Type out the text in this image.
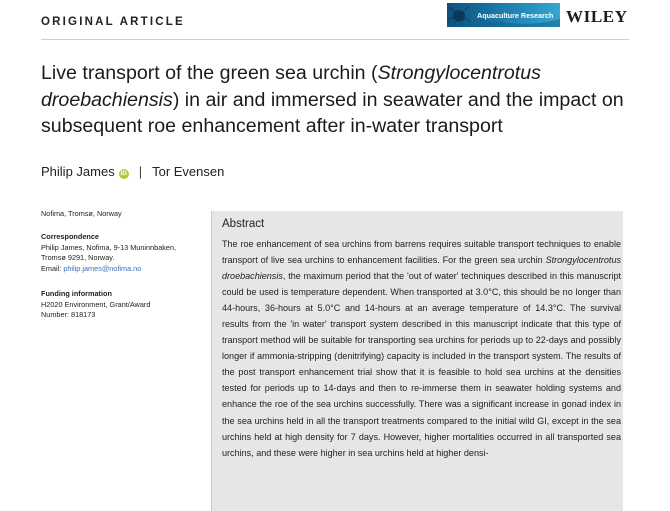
ORIGINAL ARTICLE
Aquaculture Research WILEY
Live transport of the green sea urchin (Strongylocentrotus droebachiensis) in air and immersed in seawater and the impact on subsequent roe enhancement after in-water transport
Philip James iD | Tor Evensen
Nofima, Tromsø, Norway
Correspondence
Philip James, Nofima, 9-13 Muninnbaken,
Tromsø 9291, Norway.
Email: philip.james@nofima.no
Funding information
H2020 Environment, Grant/Award
Number: 818173
Abstract

The roe enhancement of sea urchins from barrens requires suitable transport techniques to enable transport of live sea urchins to enhancement facilities. For the green sea urchin Strongylocentrotus droebachiensis, the maximum period that the 'out of water' techniques described in this manuscript could be used is temperature dependent. When transported at 3.0°C, this should be no longer than 44-hours, 36-hours at 5.0°C and 14-hours at an average temperature of 14.3°C. The survival results from the 'in water' transport system described in this manuscript indicate that this type of transport method will be suitable for transporting sea urchins for periods up to 22-days and possibly longer if ammonia-stripping (denitrifying) capacity is included in the transport system. The results of the post transport enhancement trial show that it is feasible to hold sea urchins at the densities tested for periods up to 14-days and then to re-immerse them in seawater holding systems and enhance the roe of the sea urchins successfully. There was a significant increase in gonad index in the sea urchins held in all the transport treatments compared to the initial wild GI, except in the sea urchins held at high density for 7 days. However, higher mortalities occurred in all transported sea urchins, and these were higher in sea urchins held at higher densi-
